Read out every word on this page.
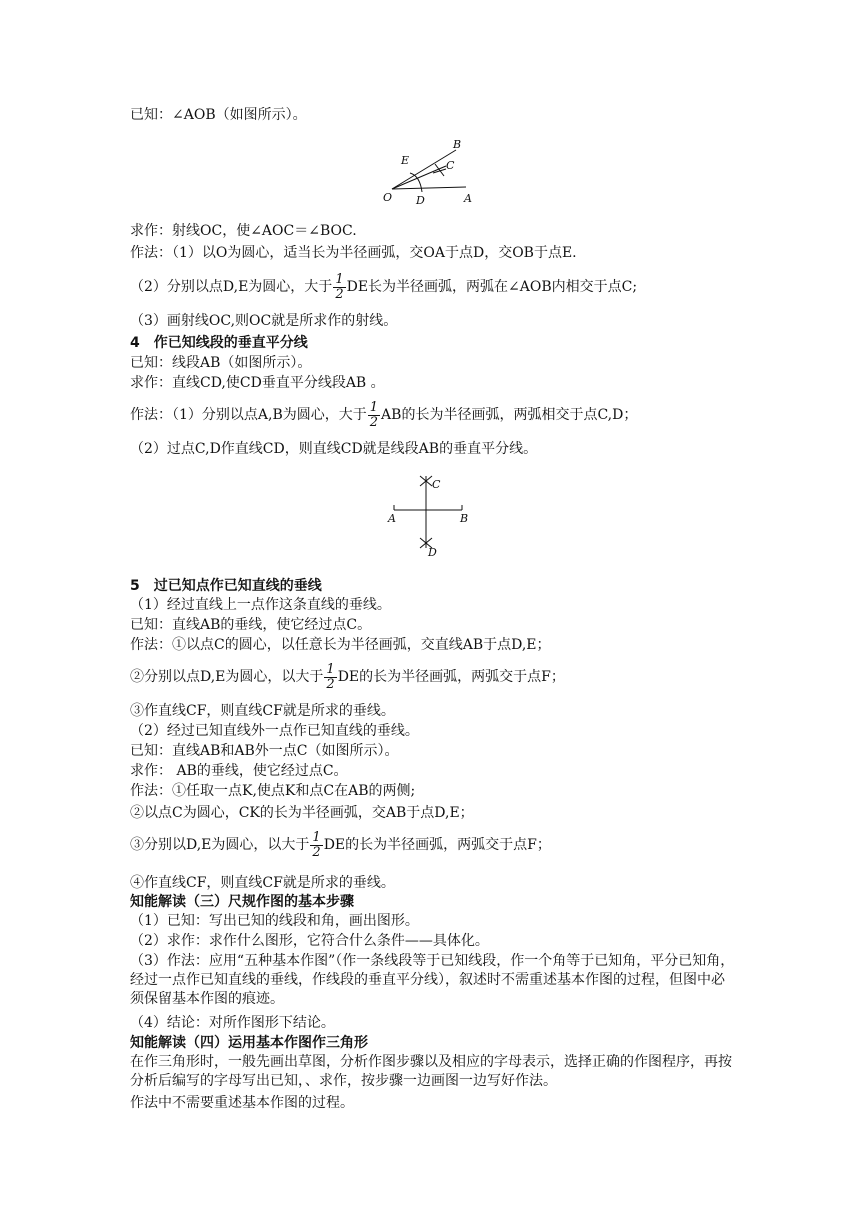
已知：∠AOB（如图所示）。
O D	A
E	C
B
求作：射线OC，使∠AOC＝∠BOC.
作法：（1）以O为圆心，适当长为半径画弧，交OA于点D，交OB于点E.
（2）分别以点D,E为圆心，大于 $\frac{1}{2}$ DE长为半径画弧，两弧在∠AOB内相交于点C;
（3）画射线OC,则OC就是所求作的射线。
4　作已知线段的垂直平分线
已知：线段AB（如图所示）。
求作：直线CD,使CD垂直平分线段AB 。
作法：（1）分别以点A,B为圆心，大于 $\frac{1}{2}$ AB的长为半径画弧，两弧相交于点C,D；
（2）过点C,D作直线CD，则直线CD就是线段AB的垂直平分线。
A	B
C
D
5　过已知点作已知直线的垂线
（1）经过直线上一点作这条直线的垂线。
已知：直线AB的垂线，使它经过点C。
作法：①以点C的圆心，以任意长为半径画弧，交直线AB于点D,E；
②分别以点D,E为圆心，以大于 $\frac{1}{2}$ DE的长为半径画弧，两弧交于点F；
③作直线CF，则直线CF就是所求的垂线。
（2）经过已知直线外一点作已知直线的垂线。
已知：直线AB和AB外一点C（如图所示）。
求作： AB的垂线，使它经过点C。
作法：①任取一点K,使点K和点C在AB的两侧;
②以点C为圆心，CK的长为半径画弧，交AB于点D,E；
③分别以D,E为圆心，以大于 $\frac{1}{2}$ DE的长为半径画弧，两弧交于点F；
④作直线CF，则直线CF就是所求的垂线。
知能解读（三）尺规作图的基本步骤
（1）已知：写出已知的线段和角，画出图形。
（2）求作：求作什么图形，它符合什么条件——具体化。
（3）作法：应用“五种基本作图”（作一条线段等于已知线段，作一个角等于已知角，平分已知角，经过一点作已知直线的垂线，作线段的垂直平分线），叙述时不需重述基本作图的过程，但图中必须保留基本作图的痕迹。
（4）结论：对所作图形下结论。
知能解读（四）运用基本作图作三角形
在作三角形时，一般先画出草图，分析作图步骤以及相应的字母表示，选择正确的作图程序，再按分析后编写的字母写出已知，、求作，按步骤一边画图一边写好作法。
作法中不需要重述基本作图的过程。
